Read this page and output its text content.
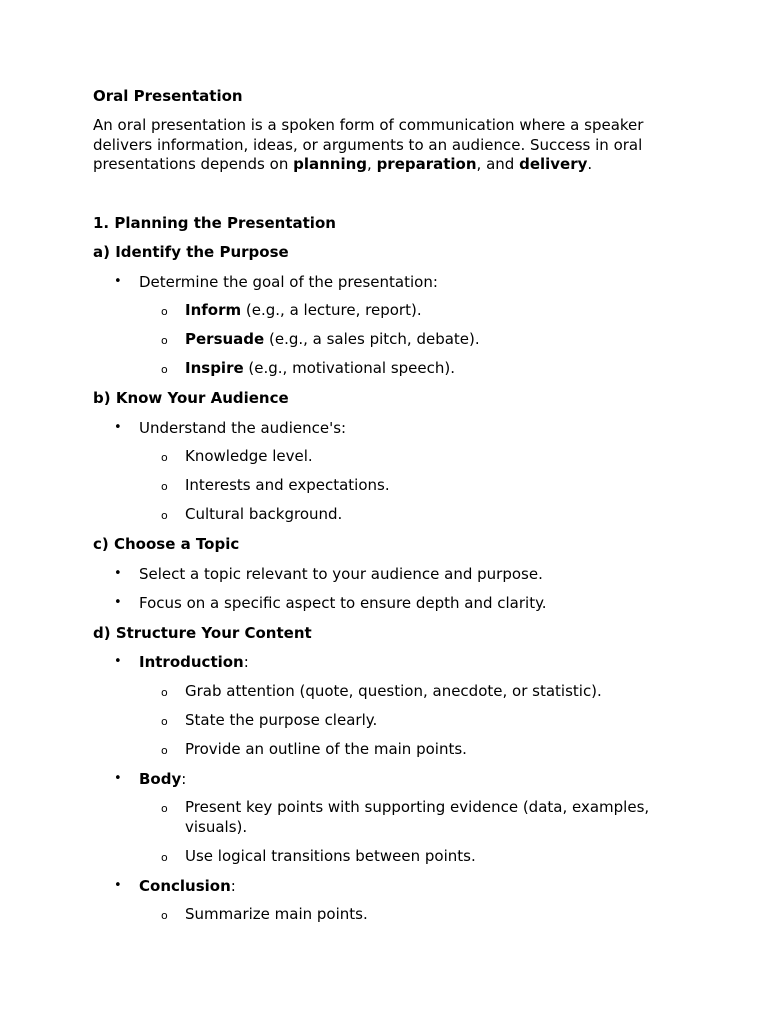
Oral Presentation

An oral presentation is a spoken form of communication where a speaker delivers information, ideas, or arguments to an audience. Success in oral presentations depends on planning, preparation, and delivery.

1. Planning the Presentation
a) Identify the Purpose
• Determine the goal of the presentation:
o Inform (e.g., a lecture, report).
o Persuade (e.g., a sales pitch, debate).
o Inspire (e.g., motivational speech).
b) Know Your Audience
• Understand the audience's:
o Knowledge level.
o Interests and expectations.
o Cultural background.
c) Choose a Topic
• Select a topic relevant to your audience and purpose.
• Focus on a specific aspect to ensure depth and clarity.
d) Structure Your Content
• Introduction:
o Grab attention (quote, question, anecdote, or statistic).
o State the purpose clearly.
o Provide an outline of the main points.
• Body:
o Present key points with supporting evidence (data, examples, visuals).
o Use logical transitions between points.
• Conclusion:
o Summarize main points.
